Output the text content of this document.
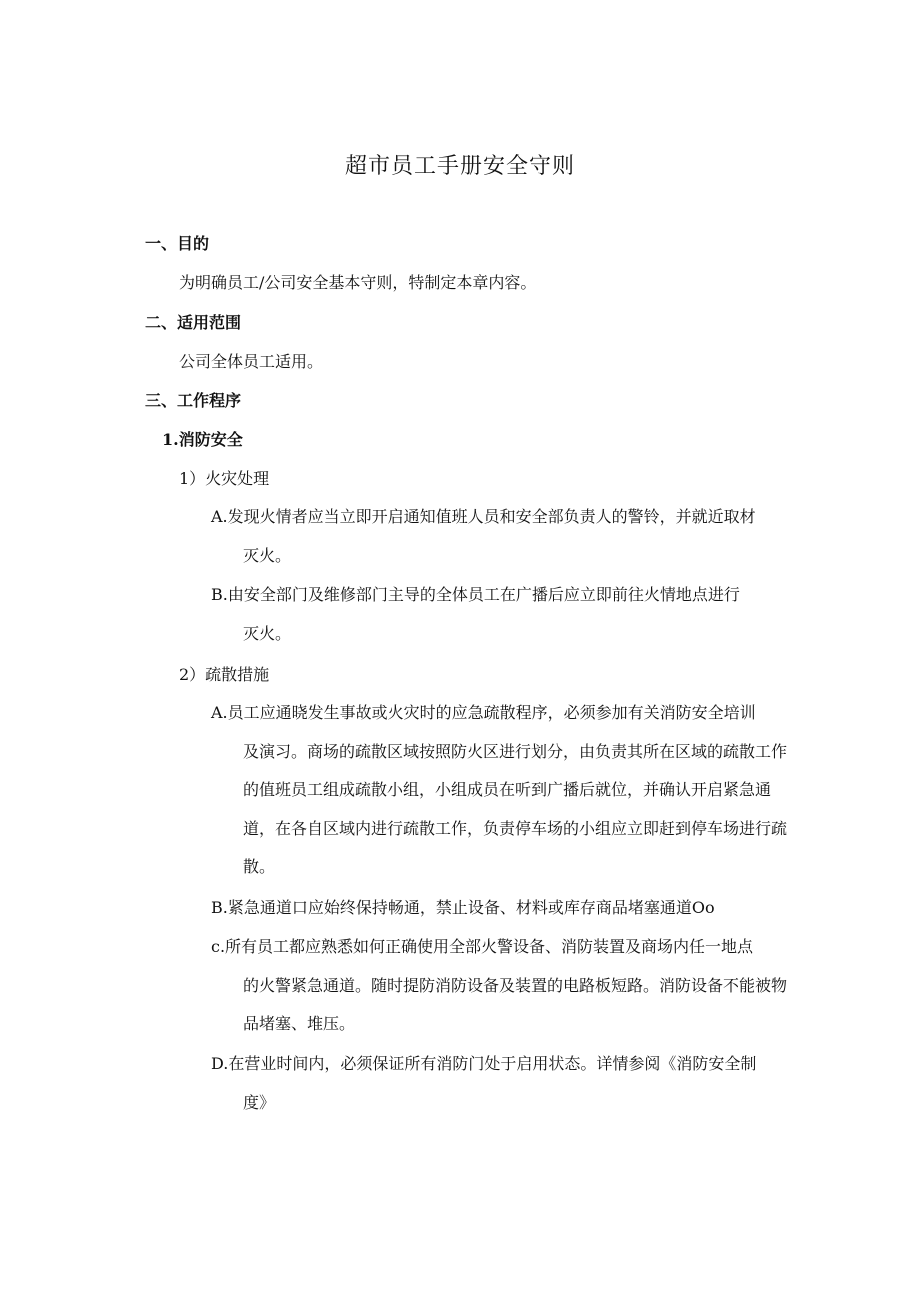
超市员工手册安全守则
一、目的
为明确员工/公司安全基本守则，特制定本章内容。
二、适用范围
公司全体员工适用。
三、工作程序
1.消防安全
1）火灾处理
A.发现火情者应当立即开启通知值班人员和安全部负责人的警铃，并就近取材
灭火。
B.由安全部门及维修部门主导的全体员工在广播后应立即前往火情地点进行
灭火。
2）疏散措施
A.员工应通晓发生事故或火灾时的应急疏散程序，必须参加有关消防安全培训
及演习。商场的疏散区域按照防火区进行划分，由负责其所在区域的疏散工作的值班员工组成疏散小组，小组成员在听到广播后就位，并确认开启紧急通道，在各自区域内进行疏散工作，负责停车场的小组应立即赶到停车场进行疏散。
B.紧急通道口应始终保持畅通，禁止设备、材料或库存商品堵塞通道Oo
c.所有员工都应熟悉如何正确使用全部火警设备、消防装置及商场内任一地点
的火警紧急通道。随时提防消防设备及装置的电路板短路。消防设备不能被物品堵塞、堆压。
D.在营业时间内，必须保证所有消防门处于启用状态。详情参阅《消防安全制
度》
